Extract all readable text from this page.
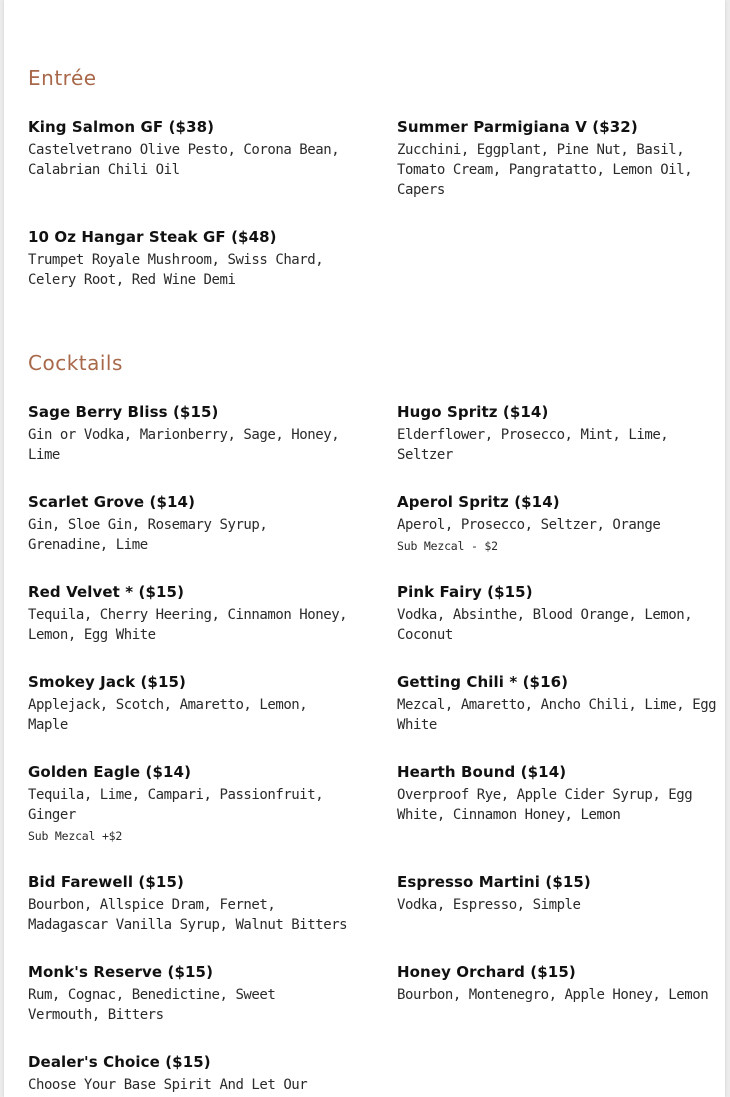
Entrée
King Salmon GF ($38)
Castelvetrano Olive Pesto, Corona Bean, Calabrian Chili Oil
Summer Parmigiana V ($32)
Zucchini, Eggplant, Pine Nut, Basil, Tomato Cream, Pangratatto, Lemon Oil, Capers
10 Oz Hangar Steak GF ($48)
Trumpet Royale Mushroom, Swiss Chard, Celery Root, Red Wine Demi
Cocktails
Sage Berry Bliss ($15)
Gin or Vodka, Marionberry, Sage, Honey, Lime
Hugo Spritz ($14)
Elderflower, Prosecco, Mint, Lime, Seltzer
Scarlet Grove ($14)
Gin, Sloe Gin, Rosemary Syrup, Grenadine, Lime
Aperol Spritz ($14)
Aperol, Prosecco, Seltzer, Orange
Sub Mezcal - $2
Red Velvet * ($15)
Tequila, Cherry Heering, Cinnamon Honey, Lemon, Egg White
Pink Fairy ($15)
Vodka, Absinthe, Blood Orange, Lemon, Coconut
Smokey Jack ($15)
Applejack, Scotch, Amaretto, Lemon, Maple
Getting Chili * ($16)
Mezcal, Amaretto, Ancho Chili, Lime, Egg White
Golden Eagle ($14)
Tequila, Lime, Campari, Passionfruit, Ginger
Sub Mezcal +$2
Hearth Bound ($14)
Overproof Rye, Apple Cider Syrup, Egg White, Cinnamon Honey, Lemon
Bid Farewell ($15)
Bourbon, Allspice Dram, Fernet, Madagascar Vanilla Syrup, Walnut Bitters
Espresso Martini ($15)
Vodka, Espresso, Simple
Monk's Reserve ($15)
Rum, Cognac, Benedictine, Sweet Vermouth, Bitters
Honey Orchard ($15)
Bourbon, Montenegro, Apple Honey, Lemon
Dealer's Choice ($15)
Choose Your Base Spirit And Let Our
